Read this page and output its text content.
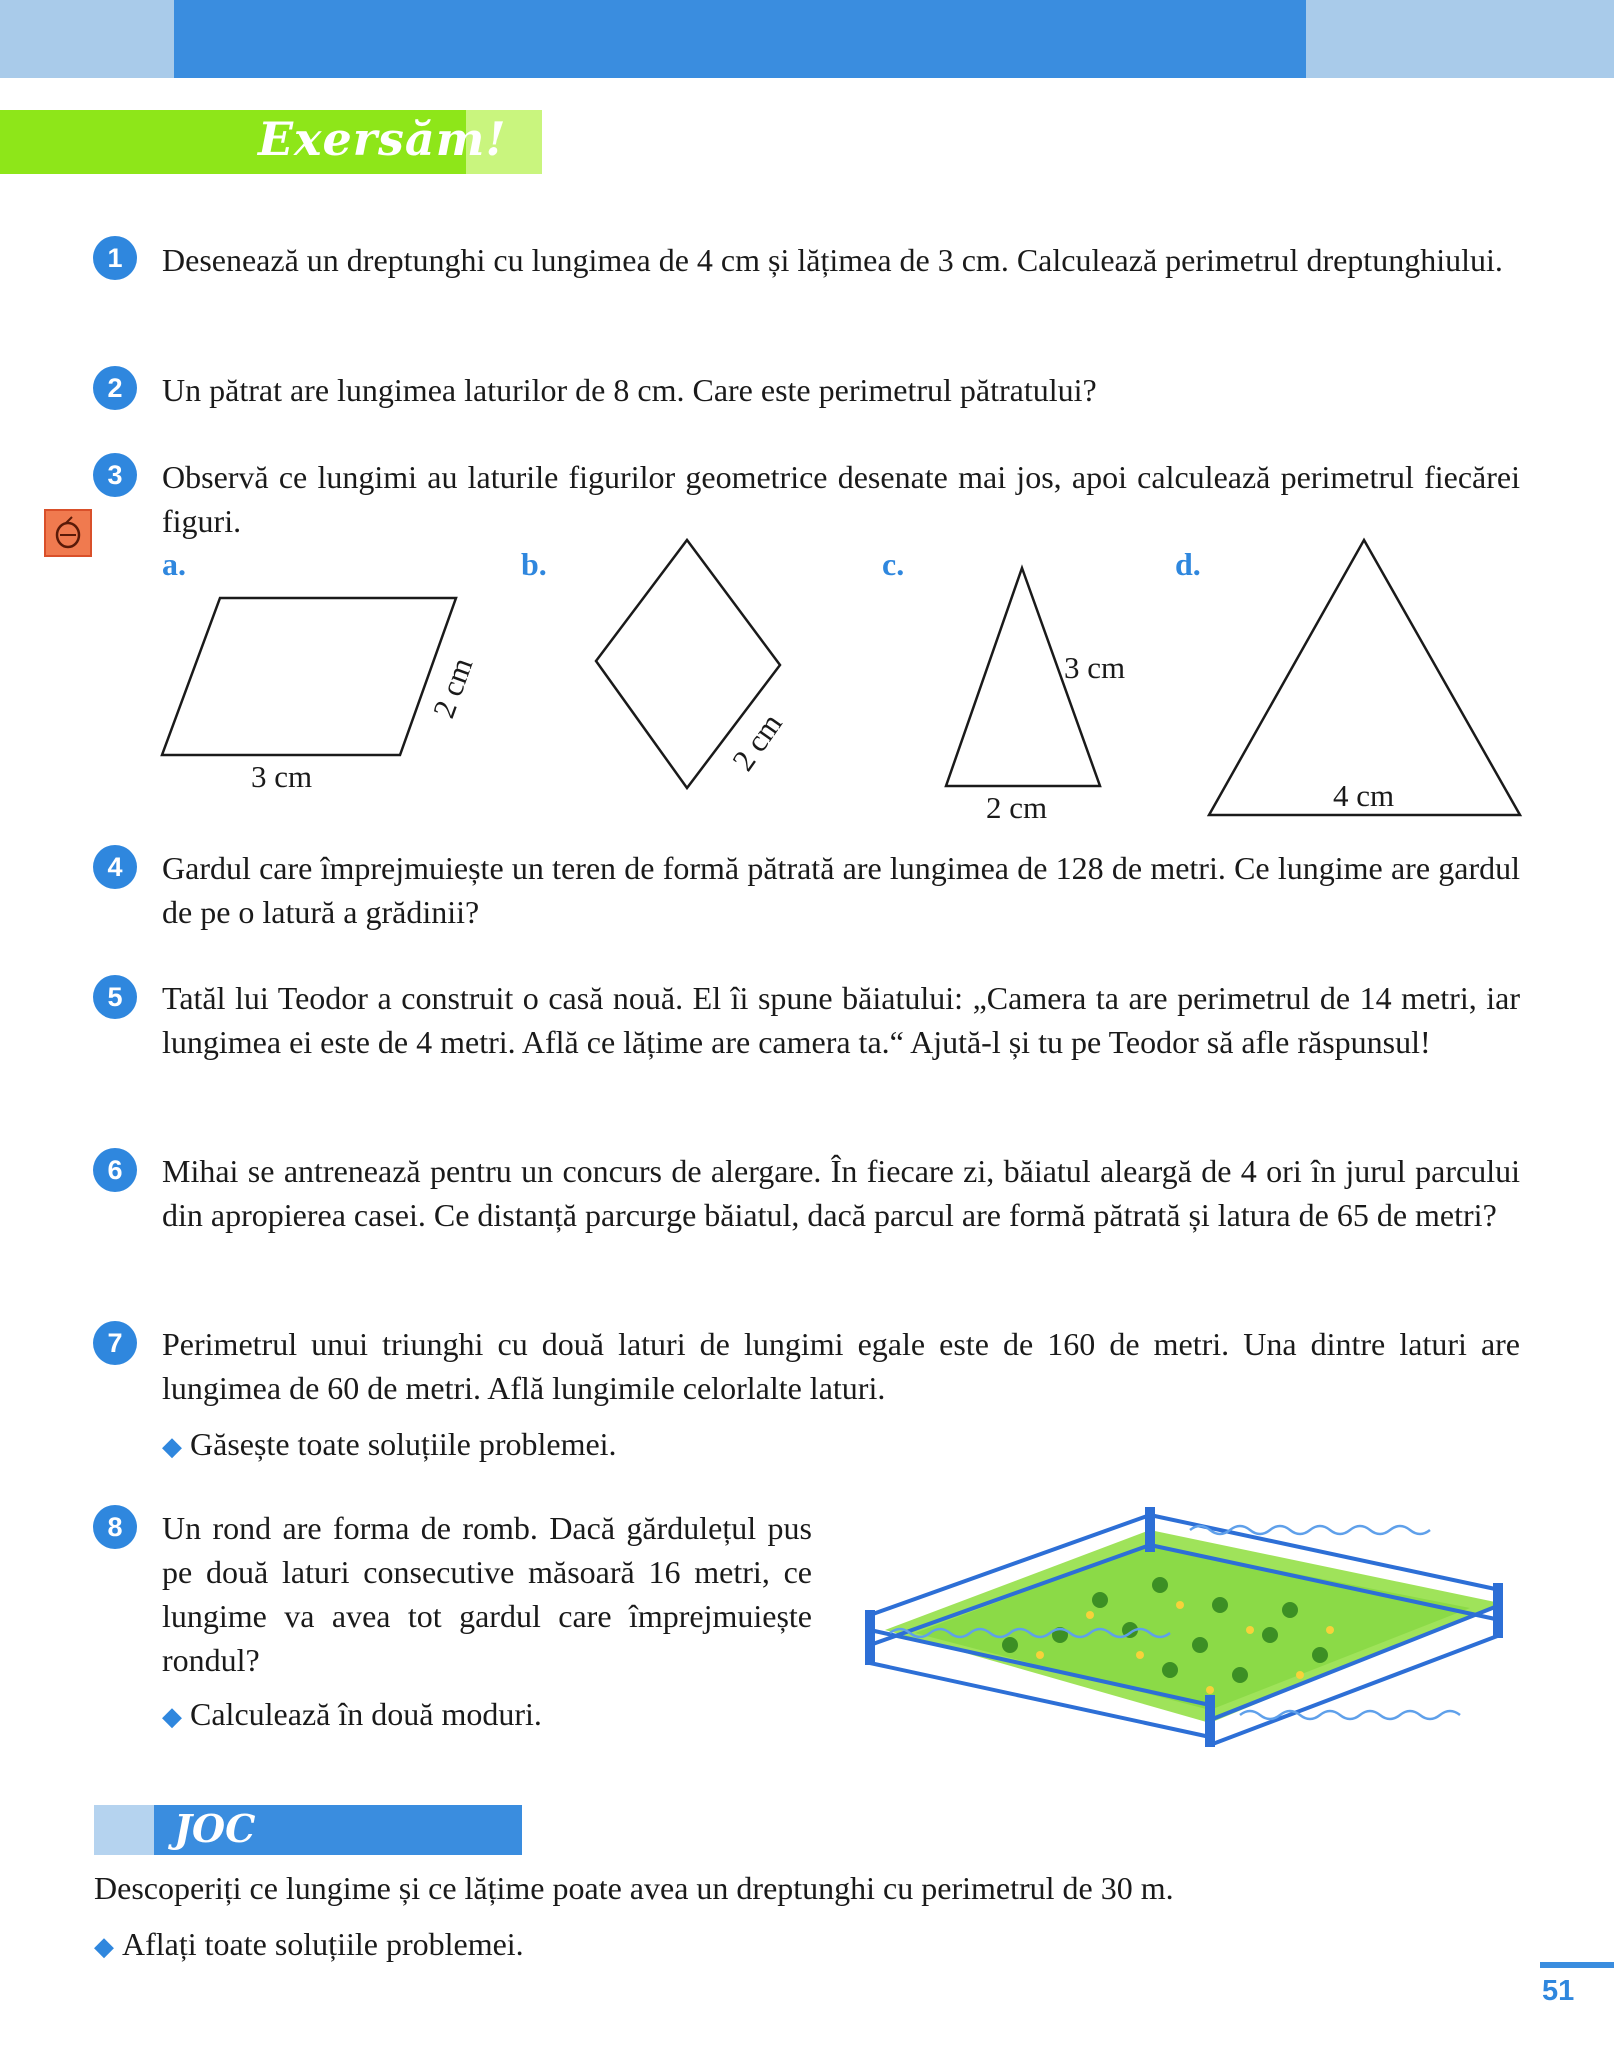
Exersăm!
1	Desenează un dreptunghi cu lungimea de 4 cm și lățimea de 3 cm. Calculează perimetrul dreptunghiului.
2	Un pătrat are lungimea laturilor de 8 cm. Care este perimetrul pătratului?
3	Observă ce lungimi au laturile figurilor geometrice desenate mai jos, apoi calculează perimetrul fiecărei figuri.
a.	b.	c.	d.
3 cm
2 cm
2 cm
3 cm
2 cm	4 cm
4	Gardul care împrejmuiește un teren de formă pătrată are lungimea de 128 de metri. Ce lungime are gardul de pe o latură a grădinii?
5	Tatăl lui Teodor a construit o casă nouă. El îi spune băiatului: „Camera ta are perimetrul de 14 metri, iar lungimea ei este de 4 metri. Află ce lățime are camera ta.“ Ajută-l și tu pe Teodor să afle răspunsul!
6	Mihai se antrenează pentru un concurs de alergare. În fiecare zi, băiatul aleargă de 4 ori în jurul parcului din apropierea casei. Ce distanță parcurge băiatul, dacă parcul are formă pătrată și latura de 65 de metri?
7	Perimetrul unui triunghi cu două laturi de lungimi egale este de 160 de metri. Una dintre laturi are lungimea de 60 de metri. Află lungimile celorlalte laturi.
◆ Găsește toate soluțiile problemei.
8	Un rond are forma de romb. Dacă gărdulețul pus pe două laturi consecutive măsoară 16 metri, ce lungime va avea tot gardul care împrejmuiește rondul?
◆ Calculează în două moduri.
JOC
Descoperiți ce lungime și ce lățime poate avea un dreptunghi cu perimetrul de 30 m.
◆ Aflați toate soluțiile problemei.
51
